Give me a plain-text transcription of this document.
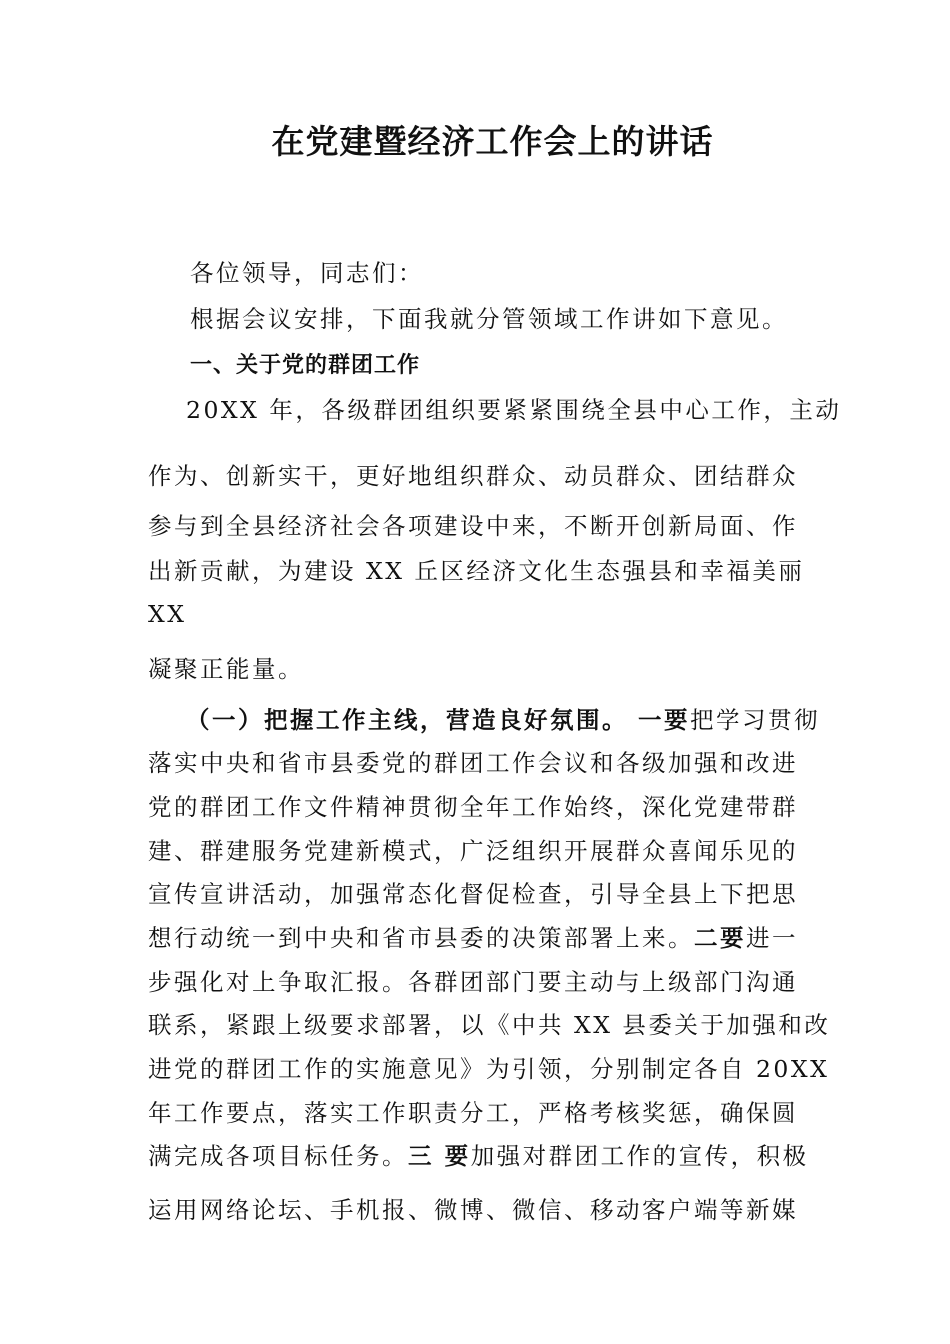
在党建暨经济工作会上的讲话

各位领导，同志们：

根据会议安排，下面我就分管领域工作讲如下意见。

一、关于党的群团工作

20XX 年，各级群团组织要紧紧围绕全县中心工作，主动

作为、创新实干，更好地组织群众、动员群众、团结群众

参与到全县经济社会各项建设中来，不断开创新局面、作

出新贡献，为建设 XX 丘区经济文化生态强县和幸福美丽

XX

凝聚正能量。

（一）把握工作主线，营造良好氛围。 一要把学习贯彻

落实中央和省市县委党的群团工作会议和各级加强和改进

党的群团工作文件精神贯彻全年工作始终，深化党建带群

建、群建服务党建新模式，广泛组织开展群众喜闻乐见的

宣传宣讲活动，加强常态化督促检查，引导全县上下把思

想行动统一到中央和省市县委的决策部署上来。二要进一

步强化对上争取汇报。各群团部门要主动与上级部门沟通

联系，紧跟上级要求部署，以《中共 XX 县委关于加强和改

进党的群团工作的实施意见》为引领，分别制定各自 20XX

年工作要点，落实工作职责分工，严格考核奖惩，确保圆

满完成各项目标任务。三 要加强对群团工作的宣传，积极

运用网络论坛、手机报、微博、微信、移动客户端等新媒
